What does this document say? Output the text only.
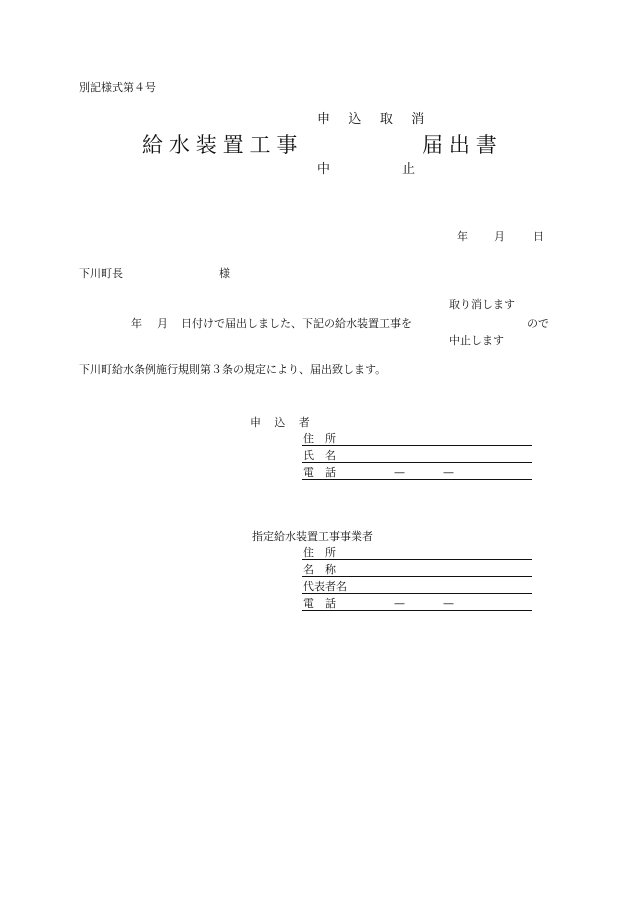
別記様式第４号
申 込 取 消
給水装置工事	届出書
中	止
年 月	日
下川町長	様
取り消します
年 月 日付けで届出しました、下記の給水装置工事を	ので
中止します
下川町給水条例施行規則第３条の規定により、届出致します。
申 込 者
住　所
氏　名
電　話	—	—
指定給水装置工事事業者
住　所
名　称
代表者名
電　話	—	—
